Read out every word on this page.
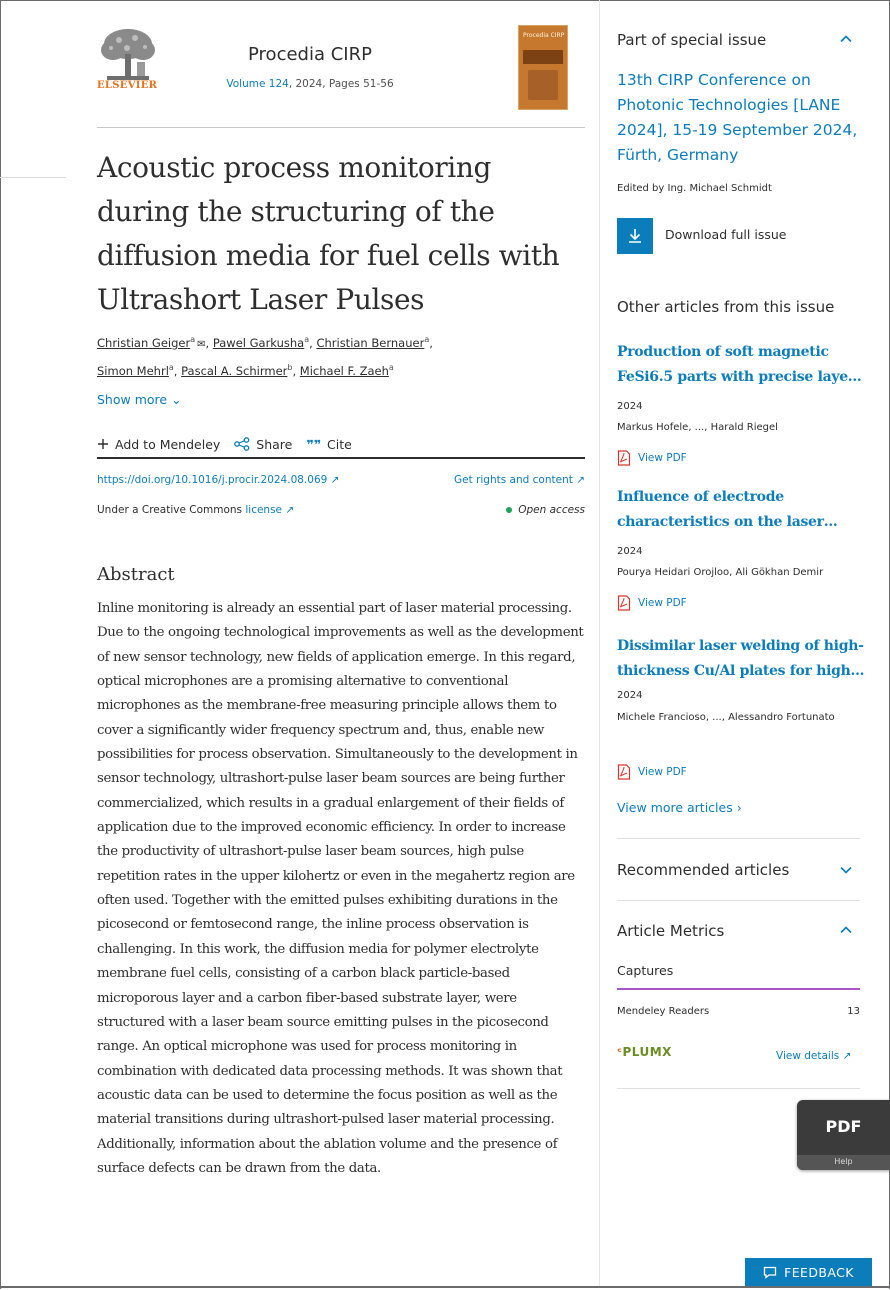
ELSEVIER
Procedia CIRP
Volume 124, 2024, Pages 51-56
Procedia CIRP
Acoustic process monitoring during the structuring of the diffusion media for fuel cells with Ultrashort Laser Pulses
Christian Geiger$^a$ ✉, Pawel Garkusha$^a$, Christian Bernauer$^a$,
Simon Mehrl$^a$, Pascal A. Schirmer$^b$, Michael F. Zaeh$^a$
Show more ⌄
Add to Mendeley	Share ❞❞ Cite
https://doi.org/10.1016/j.procir.2024.08.069 ↗	Get rights and content ↗
Under a Creative Commons license ↗	Open access
Abstract

Inline monitoring is already an essential part of laser material processing. Due to the ongoing technological improvements as well as the development of new sensor technology, new fields of application emerge. In this regard, optical microphones are a promising alternative to conventional microphones as the membrane-free measuring principle allows them to cover a significantly wider frequency spectrum and, thus, enable new possibilities for process observation. Simultaneously to the development in sensor technology, ultrashort-pulse laser beam sources are being further commercialized, which results in a gradual enlargement of their fields of application due to the improved economic efficiency. In order to increase the productivity of ultrashort-pulse laser beam sources, high pulse repetition rates in the upper kilohertz or even in the megahertz region are often used. Together with the emitted pulses exhibiting durations in the picosecond or femtosecond range, the inline process observation is challenging. In this work, the diffusion media for polymer electrolyte membrane fuel cells, consisting of a carbon black particle-based microporous layer and a carbon fiber-based substrate layer, were structured with a laser beam source emitting pulses in the picosecond range. An optical microphone was used for process monitoring in combination with dedicated data processing methods. It was shown that acoustic data can be used to determine the focus position as well as the material transitions during ultrashort-pulsed laser material processing. Additionally, information about the ablation volume and the presence of surface defects can be drawn from the data.

Part of special issue
13th CIRP Conference on Photonic Technologies [LANE 2024], 15-19 September 2024, Fürth, Germany
Edited by Ing. Michael Schmidt
Download full issue
Other articles from this issue
Production of soft magnetic FeSi6.5 parts with precise laye…
2024
Markus Hofele, ..., Harald Riegel
View PDF
Influence of electrode characteristics on the laser…
2024
Pourya Heidari Orojloo, Ali Gökhan Demir
View PDF
Dissimilar laser welding of high-thickness Cu/Al plates for high…
2024
Michele Francioso, ..., Alessandro Fortunato
View PDF
View more articles ›
Recommended articles
Article Metrics
Captures
Mendeley Readers	13
ᶜPLUMX	View details ↗
PDF
Help
FEEDBACK
